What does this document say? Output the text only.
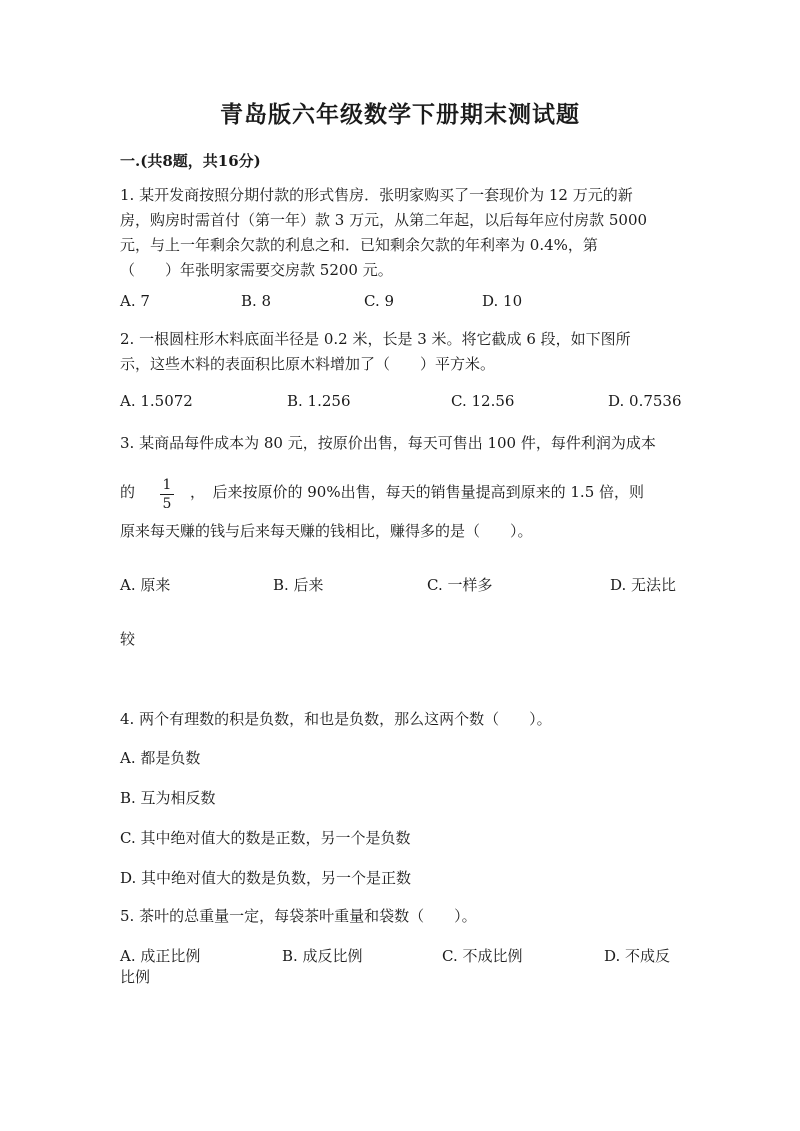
青岛版六年级数学下册期末测试题
一.(共8题，共16分)
1. 某开发商按照分期付款的形式售房．张明家购买了一套现价为 12 万元的新
房，购房时需首付（第一年）款 3 万元，从第二年起，以后每年应付房款 5000
元，与上一年剩余欠款的利息之和．已知剩余欠款的年利率为 0.4%，第
（　　）年张明家需要交房款 5200 元。
A. 7	B. 8	C. 9	D. 10
2. 一根圆柱形木料底面半径是 0.2 米，长是 3 米。将它截成 6 段，如下图所
示，这些木料的表面积比原木料增加了（　　）平方米。
A. 1.5072	B. 1.256	C. 12.56	D. 0.7536
3. 某商品每件成本为 80 元，按原价出售，每天可售出 100 件，每件利润为成本
的 1
5
，　后来按原价的 90%出售，每天的销售量提高到原来的 1.5 倍，则
原来每天赚的钱与后来每天赚的钱相比，赚得多的是（　　）。
A. 原来	B. 后来	C. 一样多	D. 无法比
较
4. 两个有理数的积是负数，和也是负数，那么这两个数（　　）。
A. 都是负数
B. 互为相反数
C. 其中绝对值大的数是正数，另一个是负数
D. 其中绝对值大的数是负数，另一个是正数
5. 茶叶的总重量一定，每袋茶叶重量和袋数（　　）。
A. 成正比例	B. 成反比例	C. 不成比例	D. 不成反
比例
